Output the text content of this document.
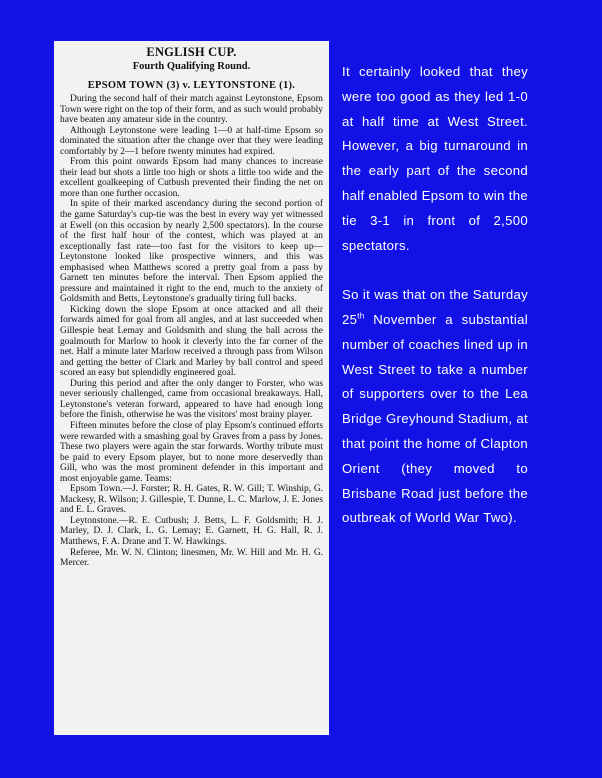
ENGLISH CUP.
Fourth Qualifying Round.
EPSOM TOWN (3) v. LEYTONSTONE (1).

During the second half of their match against Leytonstone, Epsom Town were right on the top of their form, and as such would probably have beaten any amateur side in the country.

Although Leytonstone were leading 1—0 at half-time Epsom so dominated the situation after the change over that they were leading comfortably by 2—1 before twenty minutes had expired.

From this point onwards Epsom had many chances to increase their lead but shots a little too high or shots a little too wide and the excellent goalkeeping of Cutbush prevented their finding the net on more than one further occasion.

In spite of their marked ascendancy during the second portion of the game Saturday's cup-tie was the best in every way yet witnessed at Ewell (on this occasion by nearly 2,500 spectators). In the course of the first half hour of the contest, which was played at an exceptionally fast rate—too fast for the visitors to keep up—Leytonstone looked like prospective winners, and this was emphasised when Matthews scored a pretty goal from a pass by Garnett ten minutes before the interval. Then Epsom applied the pressure and maintained it right to the end, much to the anxiety of Goldsmith and Betts, Leytonstone's gradually tiring full backs.

Kicking down the slope Epsom at once attacked and all their forwards aimed for goal from all angles, and at last succeeded when Gillespie beat Lemay and Goldsmith and slung the ball across the goalmouth for Marlow to hook it cleverly into the far corner of the net. Half a minute later Marlow received a through pass from Wilson and getting the better of Clark and Marley by ball control and speed scored an easy but splendidly engineered goal.

During this period and after the only danger to Forster, who was never seriously challenged, came from occasional breakaways. Hall, Leytonstone's veteran forward, appeared to have had enough long before the finish, otherwise he was the visitors' most brainy player.

Fifteen minutes before the close of play Epsom's continued efforts were rewarded with a smashing goal by Graves from a pass by Jones. These two players were again the star forwards. Worthy tribute must be paid to every Epsom player, but to none more deservedly than Gill, who was the most prominent defender in this important and most enjoyable game. Teams:

Epsom Town.—J. Forster; R. H. Gates, R. W. Gill; T. Winship, G. Mackesy, R. Wilson; J. Gillespie, T. Dunne, L. C. Marlow, J. E. Jones and E. L. Graves.

Leytonstone.—R. E. Cutbush; J. Betts, L. F. Goldsmith; H. J. Marley, D. J. Clark, L. G. Lemay; E. Garnett, H. G. Hall, R. J. Matthews, F. A. Drane and T. W. Hawkings.

Referee, Mr. W. N. Clinton; linesmen, Mr. W. Hill and Mr. H. G. Mercer.

It certainly looked that they were too good as they led 1-0 at half time at West Street. However, a big turnaround in the early part of the second half enabled Epsom to win the tie 3-1 in front of 2,500 spectators.

So it was that on the Saturday 25th November a substantial number of coaches lined up in West Street to take a number of supporters over to the Lea Bridge Greyhound Stadium, at that point the home of Clapton Orient (they moved to Brisbane Road just before the outbreak of World War Two).
